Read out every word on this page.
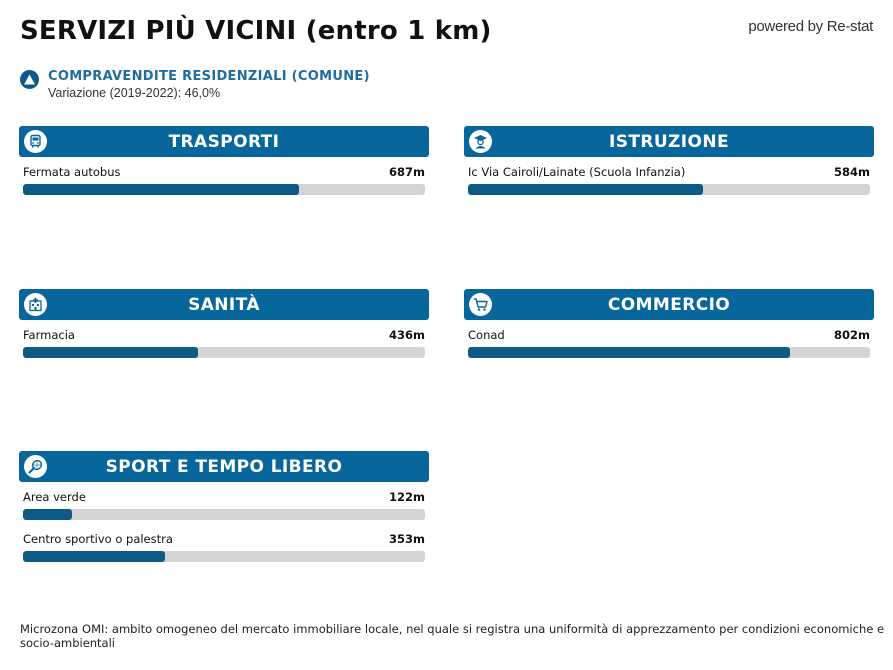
SERVIZI PIÙ VICINI (entro 1 km)	powered by Re-stat
COMPRAVENDITE RESIDENZIALI (COMUNE)
Variazione (2019-2022): 46,0%
TRASPORTI
Fermata autobus	687m
ISTRUZIONE
Ic Via Cairoli/Lainate (Scuola Infanzia)	584m
SANITÀ
Farmacia	436m
COMMERCIO
Conad	802m
SPORT E TEMPO LIBERO
Area verde	122m
Centro sportivo o palestra	353m
Microzona OMI: ambito omogeneo del mercato immobiliare locale, nel quale si registra una uniformità di apprezzamento per condizioni economiche e socio-ambientali
